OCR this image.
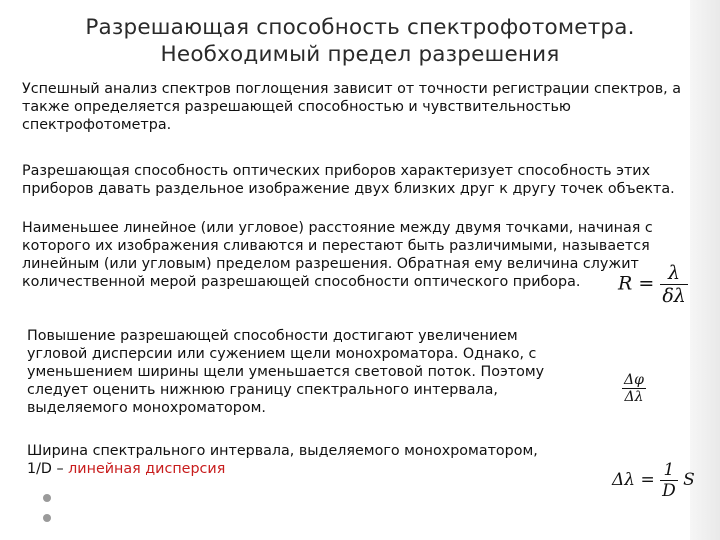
Разрешающая способность спектрофотометра.
Необходимый предел разрешения
Успешный анализ спектров поглощения зависит от точности регистрации спектров, а
также определяется разрешающей способностью и чувствительностью
спектрофотометра.
Разрешающая способность оптических приборов характеризует способность этих
приборов давать раздельное изображение двух близких друг к другу точек объекта.
Наименьшее линейное (или угловое) расстояние между двумя точками, начиная с
которого их изображения сливаются и перестают быть различимыми, называется
линейным (или угловым) пределом разрешения. Обратная ему величина служит
количественной мерой разрешающей способности оптического прибора.	$R = \frac{\lambda}{\delta\lambda}$
Повышение разрешающей способности достигают увеличением
угловой дисперсии или сужением щели монохроматора. Однако, с
уменьшением ширины щели уменьшается световой поток. Поэтому
следует оценить нижнюю границу спектрального интервала,
выделяемого монохроматором.
$\frac{\Delta\varphi}{\Delta\lambda}$
Ширина спектрального интервала, выделяемого монохроматором,
1/D – линейная дисперсия
$\Delta\lambda = \frac{1}{D}$ S
